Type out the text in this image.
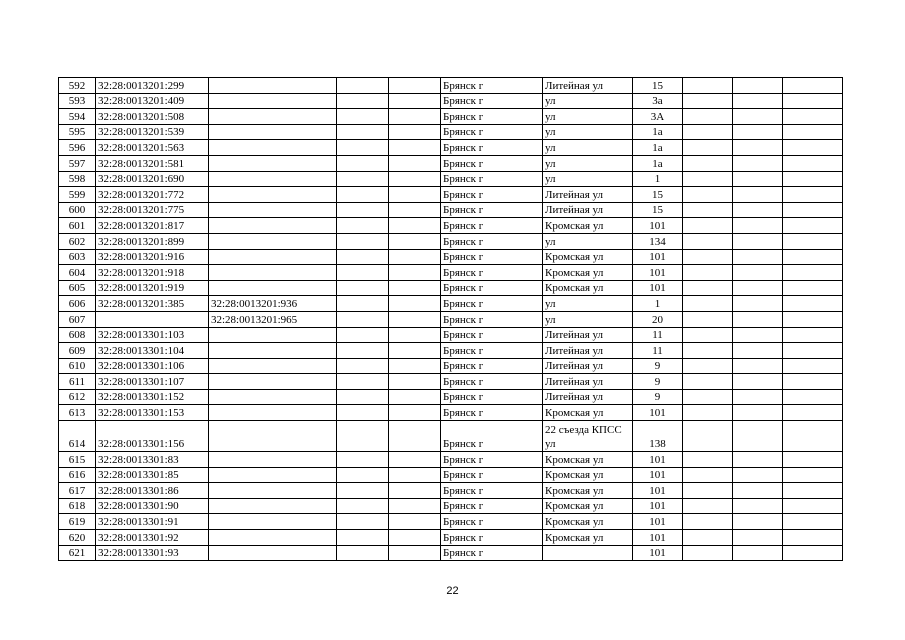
592	32:28:0013201:299				Брянск г	Литейная ул	15			
593	32:28:0013201:409				Брянск г	ул	3а			
594	32:28:0013201:508				Брянск г	ул	3А			
595	32:28:0013201:539				Брянск г	ул	1а			
596	32:28:0013201:563				Брянск г	ул	1а			
597	32:28:0013201:581				Брянск г	ул	1а			
598	32:28:0013201:690				Брянск г	ул	1			
599	32:28:0013201:772				Брянск г	Литейная ул	15			
600	32:28:0013201:775				Брянск г	Литейная ул	15			
601	32:28:0013201:817				Брянск г	Кромская ул	101			
602	32:28:0013201:899				Брянск г	ул	134			
603	32:28:0013201:916				Брянск г	Кромская ул	101			
604	32:28:0013201:918				Брянск г	Кромская ул	101			
605	32:28:0013201:919				Брянск г	Кромская ул	101			
606	32:28:0013201:385	32:28:0013201:936			Брянск г	ул	1			
607		32:28:0013201:965			Брянск г	ул	20			
608	32:28:0013301:103				Брянск г	Литейная ул	11			
609	32:28:0013301:104				Брянск г	Литейная ул	11			
610	32:28:0013301:106				Брянск г	Литейная ул	9			
611	32:28:0013301:107				Брянск г	Литейная ул	9			
612	32:28:0013301:152				Брянск г	Литейная ул	9			
613	32:28:0013301:153				Брянск г	Кромская ул	101			
614	32:28:0013301:156				Брянск г	22 съезда КПСС ул	138			
615	32:28:0013301:83				Брянск г	Кромская ул	101			
616	32:28:0013301:85				Брянск г	Кромская ул	101			
617	32:28:0013301:86				Брянск г	Кромская ул	101			
618	32:28:0013301:90				Брянск г	Кромская ул	101			
619	32:28:0013301:91				Брянск г	Кромская ул	101			
620	32:28:0013301:92				Брянск г	Кромская ул	101			
621	32:28:0013301:93				Брянск г		101			
22
